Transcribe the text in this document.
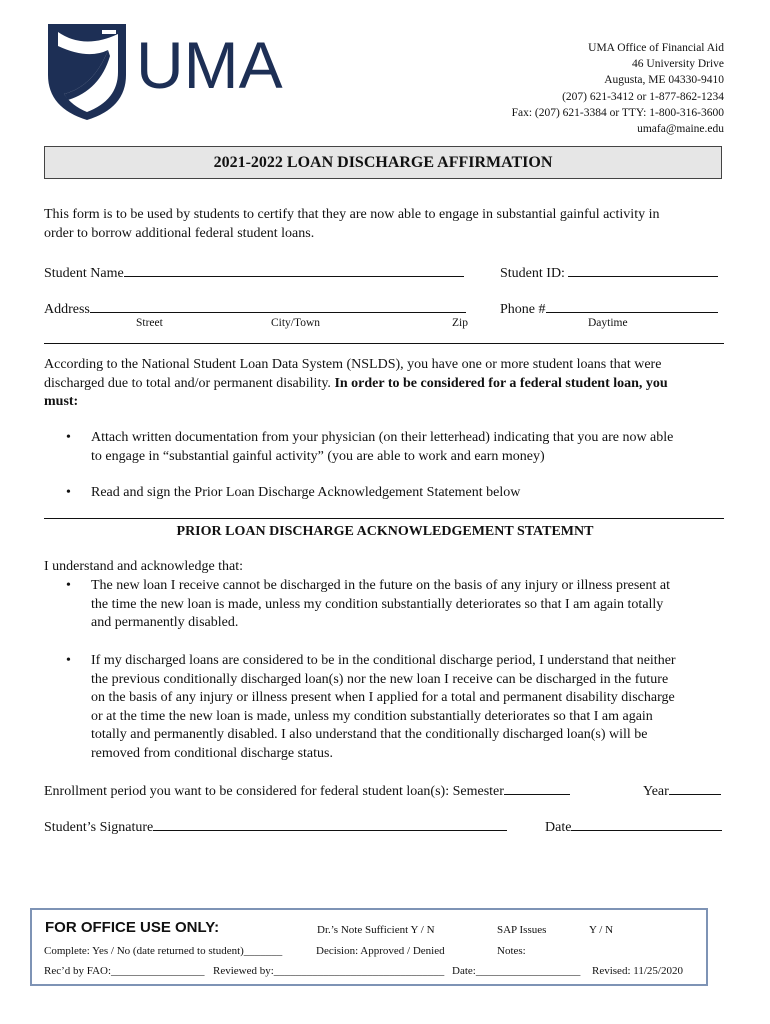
UMA	UMA Office of Financial Aid
46 University Drive
Augusta, ME 04330-9410
(207) 621-3412 or 1-877-862-1234
Fax: (207) 621-3384 or TTY: 1-800-316-3600
umafa@maine.edu
2021-2022 LOAN DISCHARGE AFFIRMATION
This form is to be used by students to certify that they are now able to engage in substantial gainful activity in
order to borrow additional federal student loans.
Student Name	Student ID:
Address	Phone #
Street	City/Town	Zip	Daytime
According to the National Student Loan Data System (NSLDS), you have one or more student loans that were
discharged due to total and/or permanent disability. In order to be considered for a federal student loan, you
must:
• Attach written documentation from your physician (on their letterhead) indicating that you are now able
to engage in “substantial gainful activity” (you are able to work and earn money)
• Read and sign the Prior Loan Discharge Acknowledgement Statement below
PRIOR LOAN DISCHARGE ACKNOWLEDGEMENT STATEMNT
I understand and acknowledge that:
• The new loan I receive cannot be discharged in the future on the basis of any injury or illness present at
the time the new loan is made, unless my condition substantially deteriorates so that I am again totally
and permanently disabled.
• If my discharged loans are considered to be in the conditional discharge period, I understand that neither
the previous conditionally discharged loan(s) nor the new loan I receive can be discharged in the future
on the basis of any injury or illness present when I applied for a total and permanent disability discharge
or at the time the new loan is made, unless my condition substantially deteriorates so that I am again
totally and permanently disabled. I also understand that the conditionally discharged loan(s) will be
removed from conditional discharge status.
Enrollment period you want to be considered for federal student loan(s): Semester	Year
Student’s Signature	Date
FOR OFFICE USE ONLY:	Dr.’s Note Sufficient Y / N	SAP Issues	Y / N
Complete: Yes / No (date returned to student)_______	Decision: Approved / Denied	Notes:
Rec’d by FAO:_________________ Reviewed by:_______________________________ Date:___________________ Revised: 11/25/2020
